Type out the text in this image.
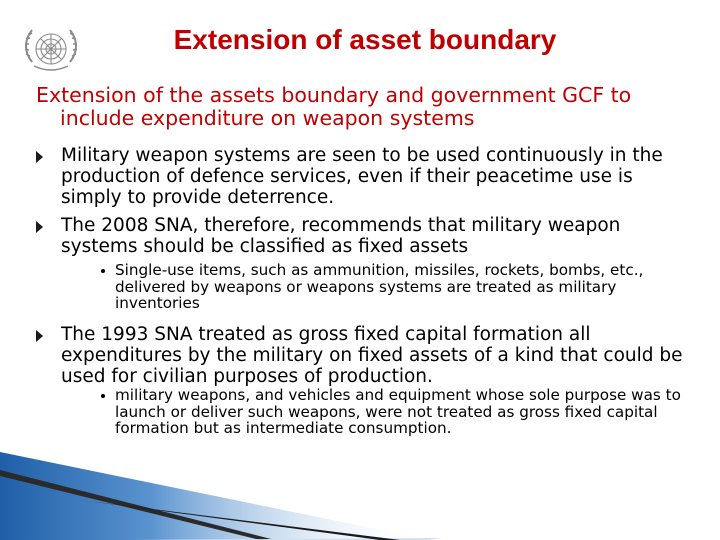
Extension of asset boundary
Extension of the assets boundary and government GCF to
include expenditure on weapon systems
Military weapon systems are seen to be used continuously in the production of defence services, even if their peacetime use is simply to provide deterrence.
The 2008 SNA, therefore, recommends that military weapon systems should be classified as fixed assets
Single-use items, such as ammunition, missiles, rockets, bombs, etc., delivered by weapons or weapons systems are treated as military inventories
The 1993 SNA treated as gross fixed capital formation all expenditures by the military on fixed assets of a kind that could be used for civilian purposes of production.
military weapons, and vehicles and equipment whose sole purpose was to launch or deliver such weapons, were not treated as gross fixed capital formation but as intermediate consumption.
